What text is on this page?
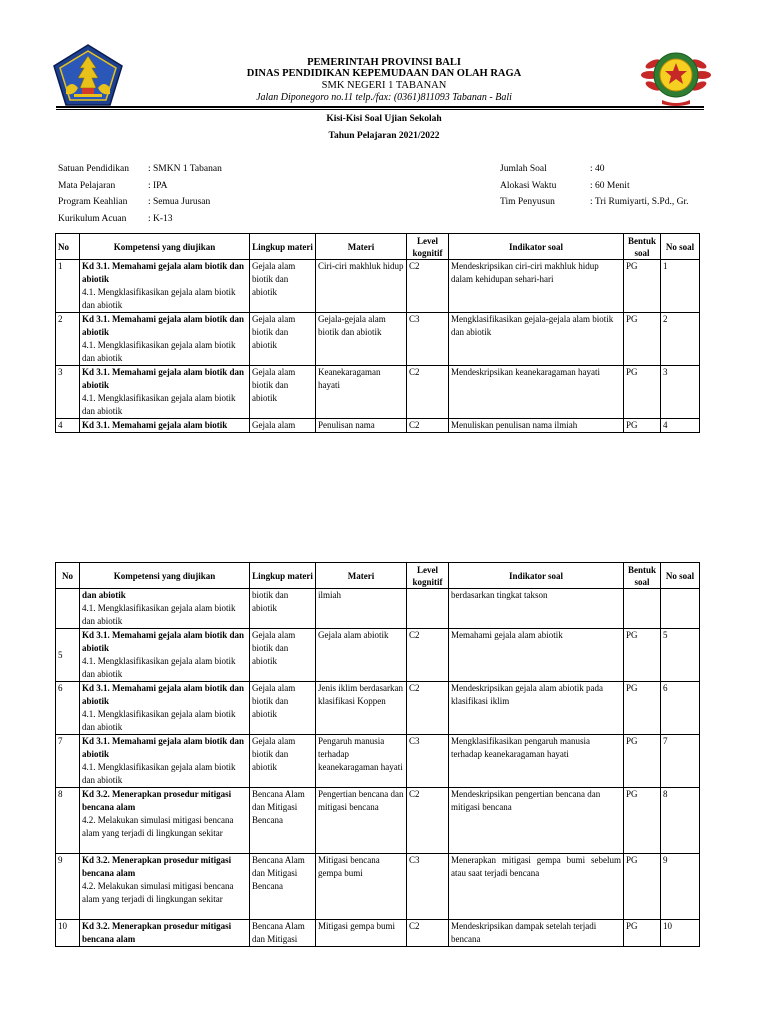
PEMERINTAH PROVINSI BALI
DINAS PENDIDIKAN KEPEMUDAAN DAN OLAH RAGA
SMK NEGERI 1 TABANAN
Jalan Diponegoro no.11 telp./fax: (0361)811093 Tabanan - Bali
Kisi-Kisi Soal Ujian Sekolah
Tahun Pelajaran 2021/2022
Satuan Pendidikan : SMKN 1 Tabanan
Mata Pelajaran	: IPA
Program Keahlian : Semua Jurusan
Kurikulum Acuan : K-13
Jumlah Soal	: 40
Alokasi Waktu	: 60 Menit
Tim Penyusun	: Tri Rumiyarti, S.Pd., Gr.
No	Kompetensi yang diujikan	Lingkup materi	Materi	Level kognitif	Indikator soal	Bentuk soal	No soal
1	Kd 3.1. Memahami gejala alam biotik dan abiotik
4.1. Mengklasifikasikan gejala alam biotik dan abiotik	Gejala alam biotik dan abiotik	Ciri-ciri makhluk hidup	C2	Mendeskripsikan ciri-ciri makhluk hidup dalam kehidupan sehari-hari	PG	1
2	Kd 3.1. Memahami gejala alam biotik dan abiotik
4.1. Mengklasifikasikan gejala alam biotik dan abiotik	Gejala alam biotik dan abiotik	Gejala-gejala alam biotik dan abiotik	C3	Mengklasifikasikan gejala-gejala alam biotik dan abiotik	PG	2
3	Kd 3.1. Memahami gejala alam biotik dan abiotik
4.1. Mengklasifikasikan gejala alam biotik dan abiotik	Gejala alam biotik dan abiotik	Keanekaragaman hayati	C2	Mendeskripsikan keanekaragaman hayati	PG	3
4	Kd 3.1. Memahami gejala alam biotik	Gejala alam	Penulisan nama	C2	Menuliskan penulisan nama ilmiah	PG	4
No	Kompetensi yang diujikan	Lingkup materi	Materi	Level kognitif	Indikator soal	Bentuk soal	No soal

	dan abiotik
4.1. Mengklasifikasikan gejala alam biotik dan abiotik	biotik dan abiotik	ilmiah		berdasarkan tingkat takson		
5	Kd 3.1. Memahami gejala alam biotik dan abiotik
4.1. Mengklasifikasikan gejala alam biotik dan abiotik	Gejala alam biotik dan abiotik	Gejala alam abiotik	C2	Memahami gejala alam abiotik	PG	5
6	Kd 3.1. Memahami gejala alam biotik dan abiotik
4.1. Mengklasifikasikan gejala alam biotik dan abiotik	Gejala alam biotik dan abiotik	Jenis iklim berdasarkan klasifikasi Koppen	C2	Mendeskripsikan gejala alam abiotik pada klasifikasi iklim	PG	6
7	Kd 3.1. Memahami gejala alam biotik dan abiotik
4.1. Mengklasifikasikan gejala alam biotik dan abiotik	Gejala alam biotik dan abiotik	Pengaruh manusia terhadap keanekaragaman hayati	C3	Mengklasifikasikan pengaruh manusia terhadap keanekaragaman hayati	PG	7
8	Kd 3.2. Menerapkan prosedur mitigasi bencana alam
4.2. Melakukan simulasi mitigasi bencana alam yang terjadi di lingkungan sekitar	Bencana Alam dan Mitigasi Bencana	Pengertian bencana dan mitigasi bencana	C2	Mendeskripsikan pengertian bencana dan mitigasi bencana	PG	8
9	Kd 3.2. Menerapkan prosedur mitigasi bencana alam
4.2. Melakukan simulasi mitigasi bencana alam yang terjadi di lingkungan sekitar	Bencana Alam dan Mitigasi Bencana	Mitigasi bencana gempa bumi	C3	Menerapkan mitigasi gempa bumi sebelum atau saat terjadi bencana	PG	9
10	Kd 3.2. Menerapkan prosedur mitigasi bencana alam	Bencana Alam dan Mitigasi	Mitigasi gempa bumi	C2	Mendeskripsikan dampak setelah terjadi bencana	PG	10
